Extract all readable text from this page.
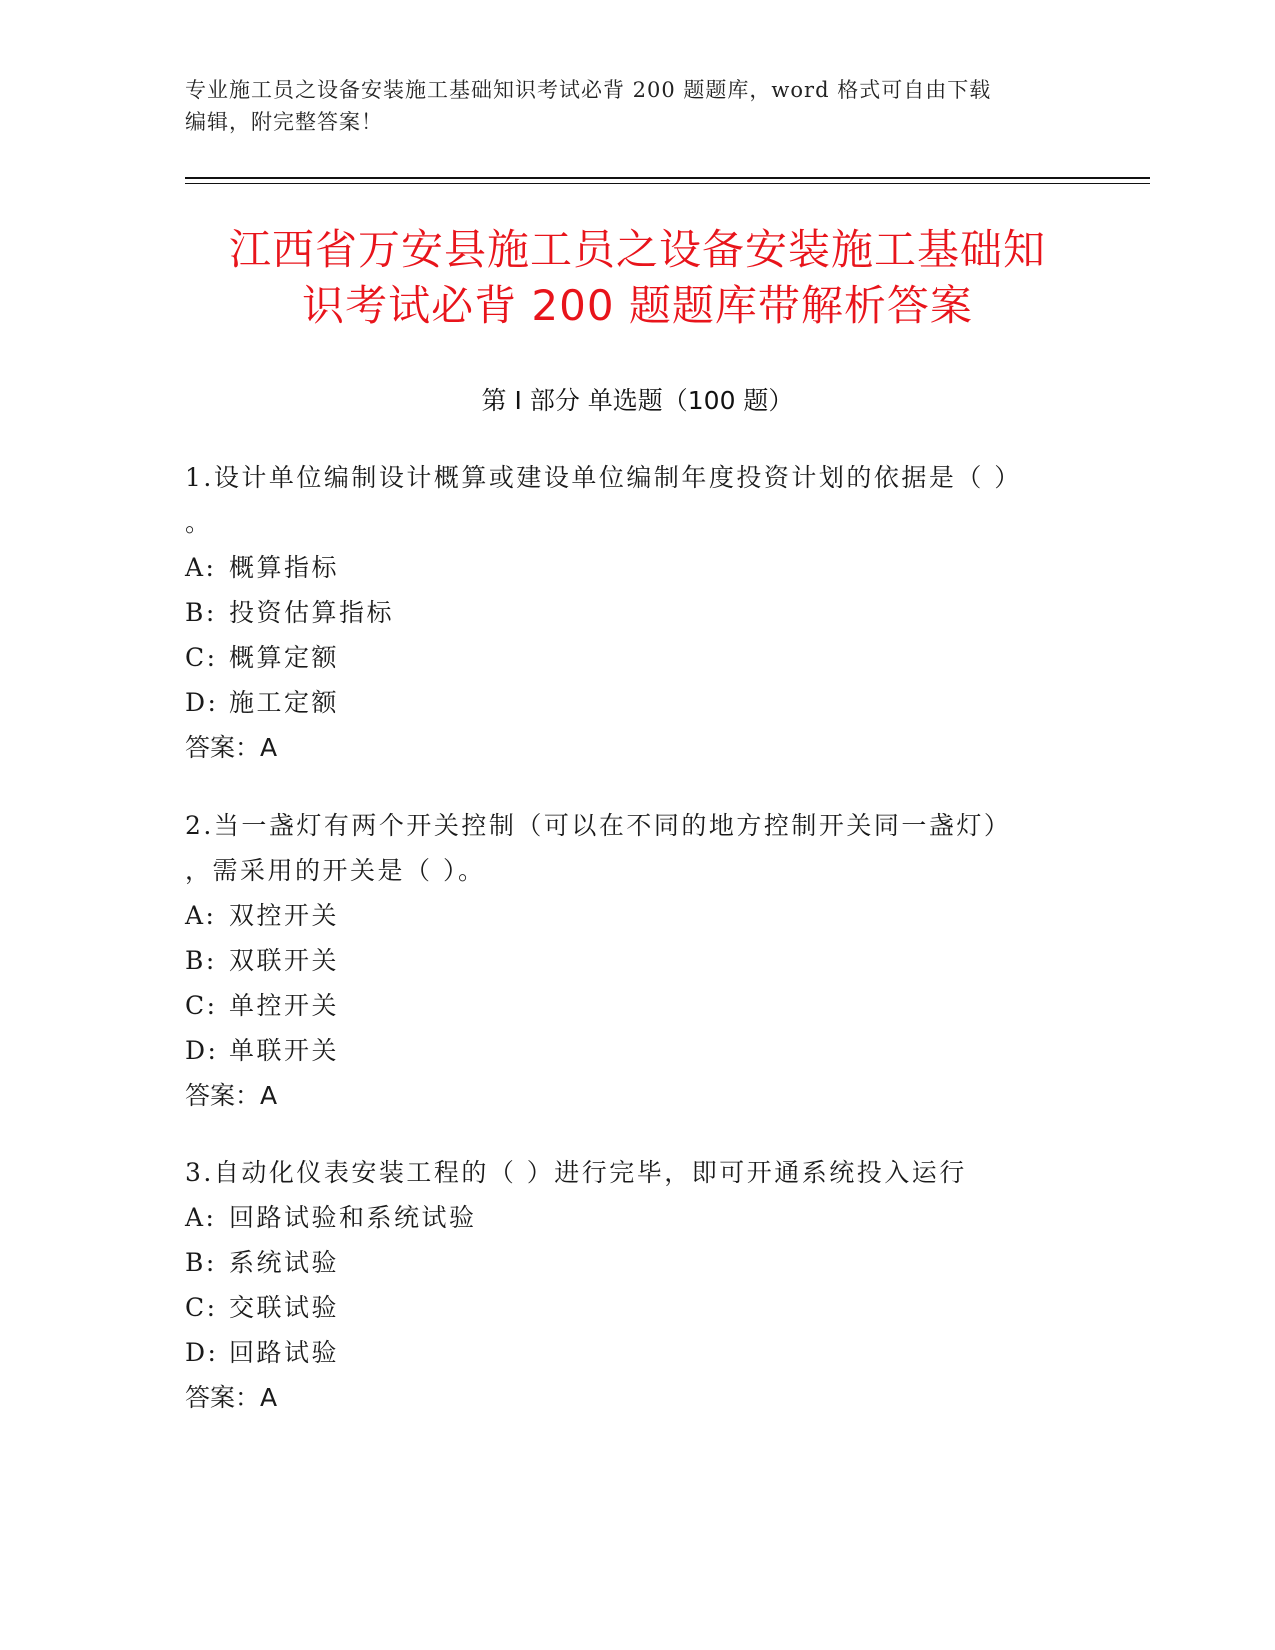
专业施工员之设备安装施工基础知识考试必背 200 题题库，word 格式可自由下载
编辑，附完整答案！
江西省万安县施工员之设备安装施工基础知
识考试必背 200 题题库带解析答案
第 I 部分 单选题（100 题）

1.设计单位编制设计概算或建设单位编制年度投资计划的依据是（ ）

。

A: 概算指标

B: 投资估算指标

C: 概算定额

D: 施工定额

答案：A

2.当一盏灯有两个开关控制（可以在不同的地方控制开关同一盏灯）

，需采用的开关是（ ）。

A: 双控开关

B: 双联开关

C: 单控开关

D: 单联开关

答案：A

3.自动化仪表安装工程的（ ）进行完毕，即可开通系统投入运行

A: 回路试验和系统试验

B: 系统试验

C: 交联试验

D: 回路试验

答案：A
